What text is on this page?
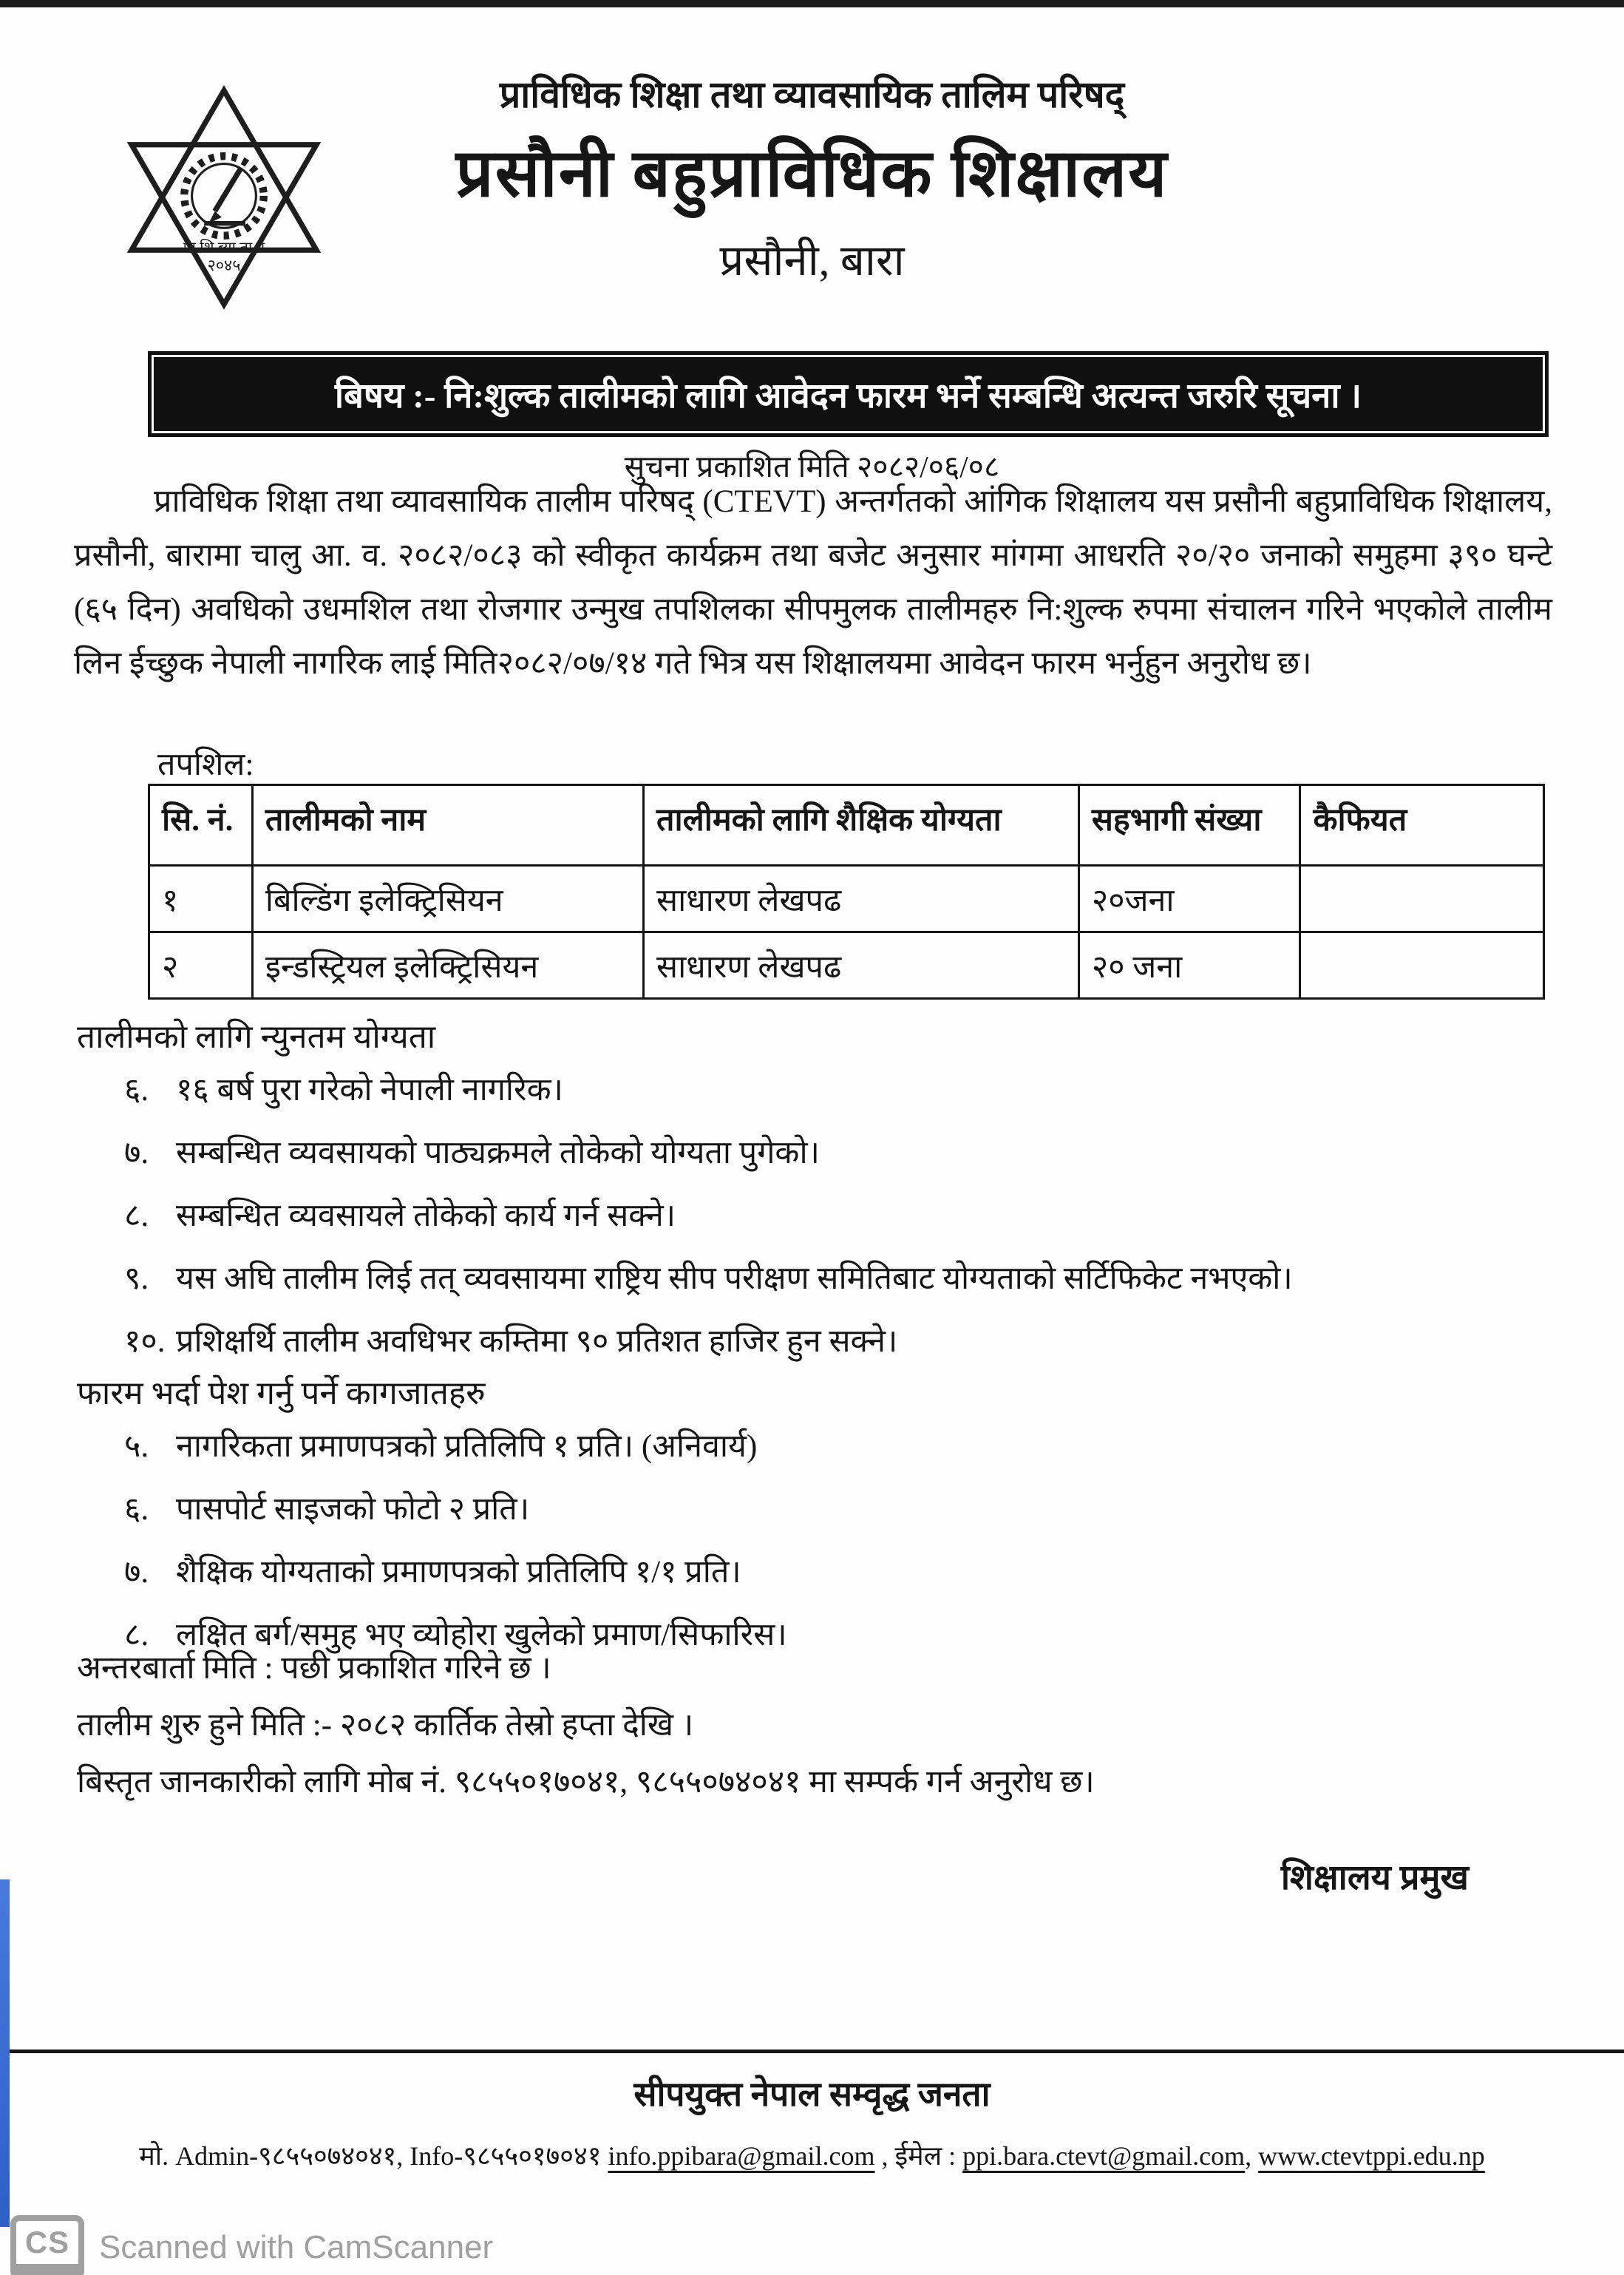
प्रा.शि.ब्या.ता.प
२०४५

प्राविधिक शिक्षा तथा व्यावसायिक तालिम परिषद्

प्रसौनी बहुप्राविधिक शिक्षालय

प्रसौनी, बारा

बिषय :- नि:शुल्क तालीमको लागि आवेदन फारम भर्ने सम्बन्धि अत्यन्त जरुरि सूचना ।
सुचना प्रकाशित मिति २०८२/०६/०८
प्राविधिक शिक्षा तथा व्यावसायिक तालीम परिषद् (CTEVT) अन्तर्गतको आंगिक शिक्षालय यस प्रसौनी बहुप्राविधिक शिक्षालय, प्रसौनी, बारामा चालु आ. व. २०८२/०८३ को स्वीकृत कार्यक्रम तथा बजेट अनुसार मांगमा आधरति २०/२० जनाको समुहमा ३९० घन्टे (६५ दिन) अवधिको उधमशिल तथा रोजगार उन्मुख तपशिलका सीपमुलक तालीमहरु नि:शुल्क रुपमा संचालन गरिने भएकोले तालीम लिन ईच्छुक नेपाली नागरिक लाई मिति२०८२/०७/१४ गते भित्र यस शिक्षालयमा आवेदन फारम भर्नुहुन अनुरोध छ।
तपशिल:
सि. नं.	तालीमको नाम	तालीमको लागि शैक्षिक योग्यता	सहभागी संख्या	कैफियत
१	बिल्डिंग इलेक्ट्रिसियन	साधारण लेखपढ	२०जना	
२	इन्डस्ट्रियल इलेक्ट्रिसियन	साधारण लेखपढ	२० जना	
तालीमको लागि न्युनतम योग्यता
६. १६ बर्ष पुरा गरेको नेपाली नागरिक।
७. सम्बन्धित व्यवसायको पाठ्यक्रमले तोकेको योग्यता पुगेको।
८. सम्बन्धित व्यवसायले तोकेको कार्य गर्न सक्ने।
९. यस अघि तालीम लिई तत् व्यवसायमा राष्ट्रिय सीप परीक्षण समितिबाट योग्यताको सर्टिफिकेट नभएको।
१०. प्रशिक्षर्थि तालीम अवधिभर कम्तिमा ९० प्रतिशत हाजिर हुन सक्ने।
फारम भर्दा पेश गर्नु पर्ने कागजातहरु
५. नागरिकता प्रमाणपत्रको प्रतिलिपि १ प्रति। (अनिवार्य)
६. पासपोर्ट साइजको फोटो २ प्रति।
७. शैक्षिक योग्यताको प्रमाणपत्रको प्रतिलिपि १/१ प्रति।
८. लक्षित बर्ग/समुह भए व्योहोरा खुलेको प्रमाण/सिफारिस।
अन्तरबार्ता मिति : पछी प्रकाशित गरिने छ ।
तालीम शुरु हुने मिति :- २०८२ कार्तिक तेस्रो हप्ता देखि ।
बिस्तृत जानकारीको लागि मोब नं. ९८५५०१७०४१, ९८५५०७४०४१ मा सम्पर्क गर्न अनुरोध छ।
शिक्षालय प्रमुख
सीपयुक्त नेपाल सम्वृद्ध जनता
मो. Admin-९८५५०७४०४१, Info-९८५५०१७०४१ info.ppibara@gmail.com , ईमेल : ppi.bara.ctevt@gmail.com, www.ctevtppi.edu.np
CS Scanned with CamScanner
